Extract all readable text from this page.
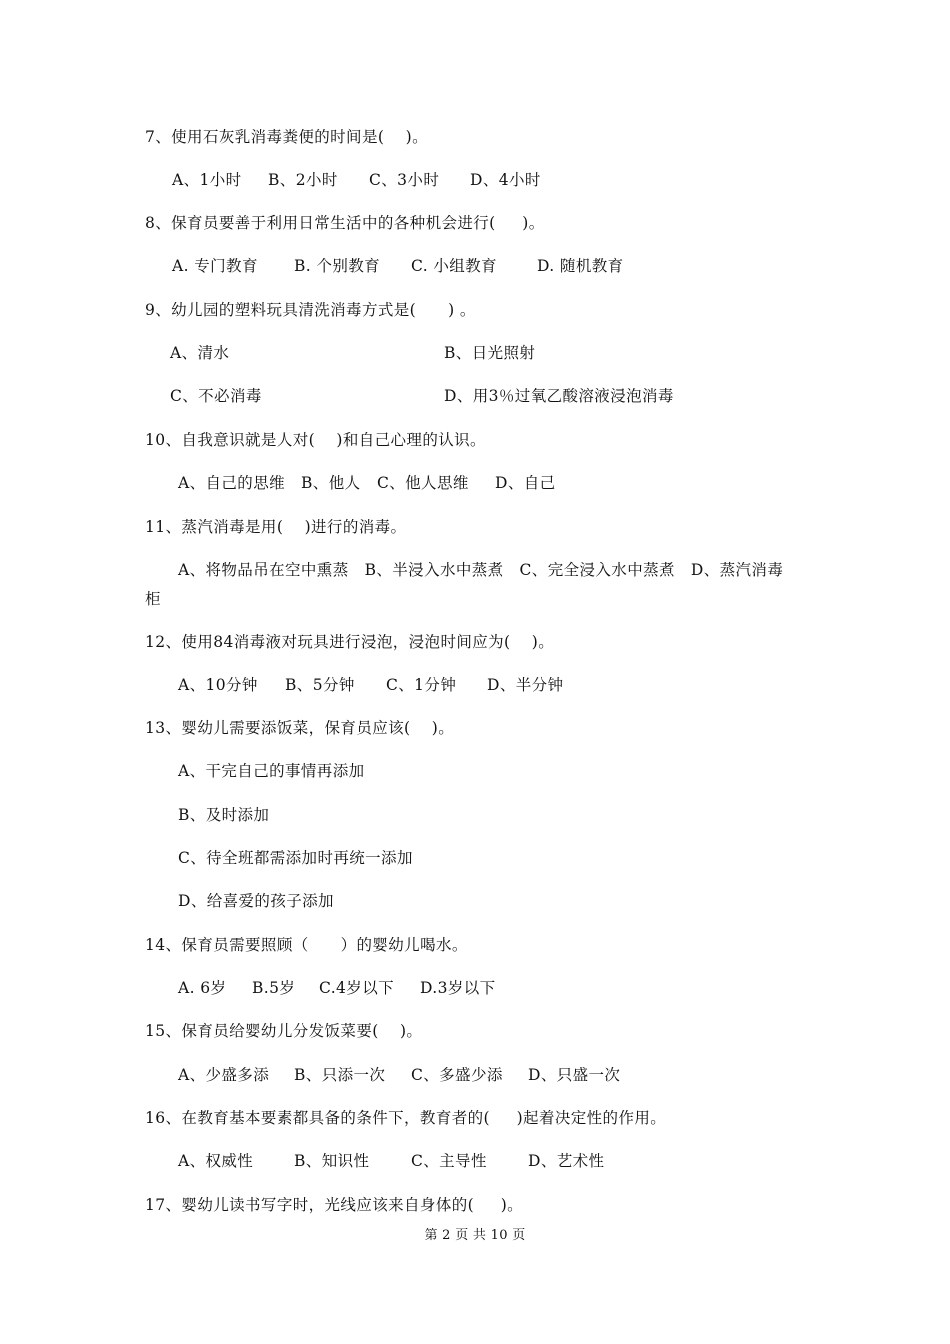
7、使用石灰乳消毒粪便的时间是(    )。
A、1小时 B、2小时 C、3小时 D、4小时
8、保育员要善于利用日常生活中的各种机会进行(     )。
A. 专门教育 B. 个别教育 C. 小组教育	D. 随机教育
9、幼儿园的塑料玩具清洗消毒方式是(      ) 。
A、清水	B、日光照射
C、不必消毒	D、用3％过氧乙酸溶液浸泡消毒
10、自我意识就是人对(    )和自己心理的认识。
A、自己的思维 B、他人 C、他人思维 D、自己
11、蒸汽消毒是用(    )进行的消毒。
A、将物品吊在空中熏蒸   B、半浸入水中蒸煮   C、完全浸入水中蒸煮   D、蒸汽消毒
柜
12、使用84消毒液对玩具进行浸泡，浸泡时间应为(    )。
A、10分钟 B、5分钟 C、1分钟 D、半分钟
13、婴幼儿需要添饭菜，保育员应该(    )。
A、干完自己的事情再添加
B、及时添加
C、待全班都需添加时再统一添加
D、给喜爱的孩子添加
14、保育员需要照顾（      ）的婴幼儿喝水。
A. 6岁 B.5岁 C.4岁以下 D.3岁以下
15、保育员给婴幼儿分发饭菜要(    )。
A、少盛多添 B、只添一次 C、多盛少添 D、只盛一次
16、在教育基本要素都具备的条件下，教育者的(     )起着决定性的作用。
A、权威性	B、知识性	C、主导性	D、艺术性
17、婴幼儿读书写字时，光线应该来自身体的(     )。
第 2 页 共 10 页
